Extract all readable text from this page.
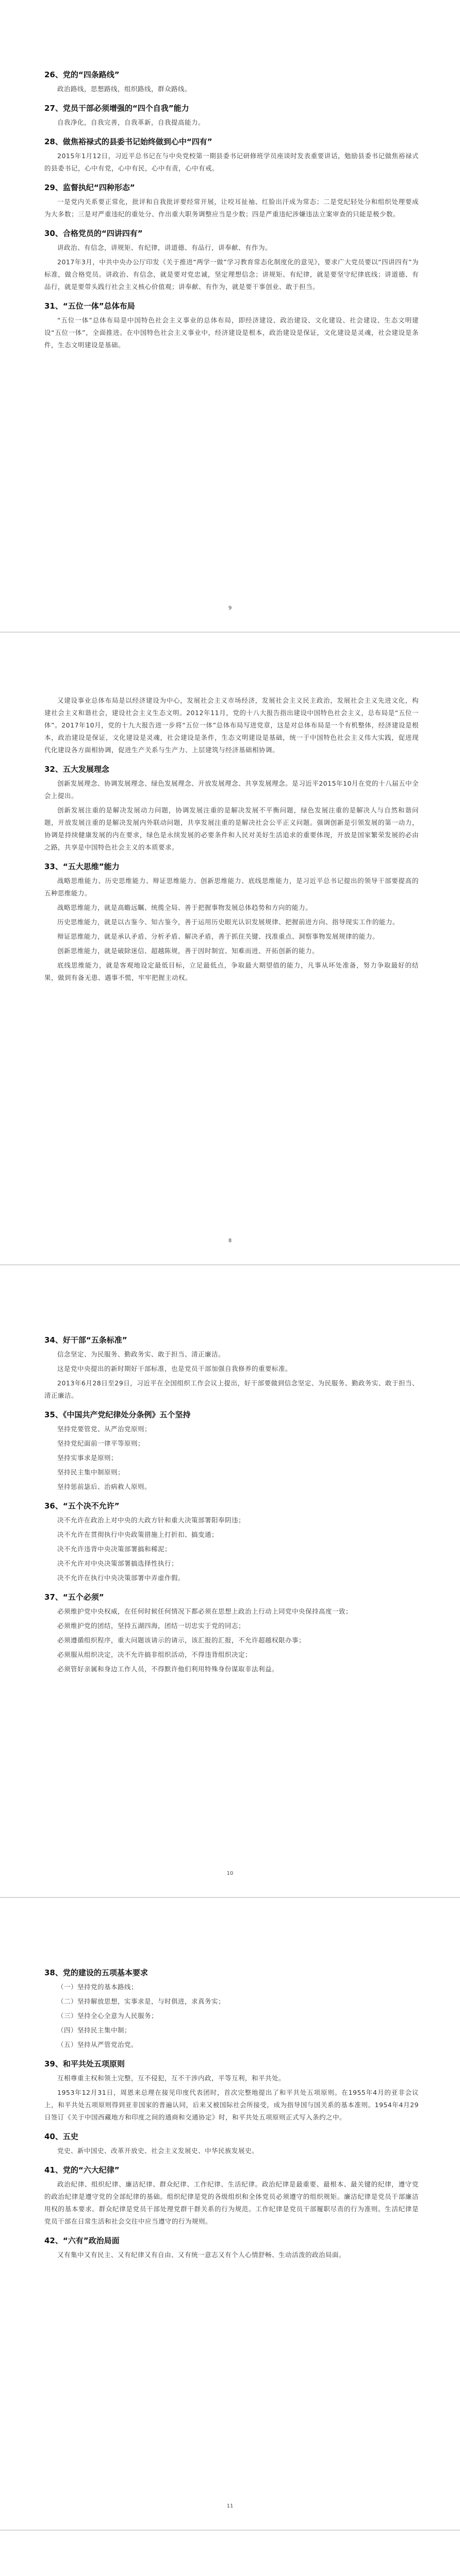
26、党的“四条路线”
政治路线，思想路线，组织路线，群众路线。
27、党员干部必须增强的“四个自我”能力
自我净化，自我完善，自我革新，自我提高能力。
28、做焦裕禄式的县委书记始终做到心中“四有”
2015年1月12日，习近平总书记在与中央党校第一期县委书记研修班学员座谈时发表重要讲话，勉励县委书记做焦裕禄式的县委书记，心中有党，心中有民，心中有责，心中有戒。
29、监督执纪“四种形态”
一是党内关系要正常化，批评和自我批评要经常开展，让咬耳扯袖、红脸出汗成为常态；二是党纪轻处分和组织处理要成为大多数；三是对严重违纪的重处分、作出重大职务调整应当是少数；四是严重违纪涉嫌违法立案审查的只能是极少数。
30、合格党员的“四讲四有”
讲政治、有信念，讲规矩、有纪律，讲道德、有品行，讲奉献、有作为。
2017年3月，中共中央办公厅印发《关于推进“两学一做”学习教育常态化制度化的意见》，要求广大党员要以“四讲四有”为标准，做合格党员。讲政治、有信念，就是要对党忠诚，坚定理想信念；讲规矩、有纪律，就是要坚守纪律底线；讲道德、有品行，就是要带头践行社会主义核心价值观；讲奉献、有作为，就是要干事创业、敢于担当。
31、“五位一体”总体布局
“五位一体”总体布局是中国特色社会主义事业的总体布局，即经济建设、政治建设、文化建设、社会建设、生态文明建设“五位一体”，全面推进。在中国特色社会主义事业中，经济建设是根本，政治建设是保证，文化建设是灵魂，社会建设是条件，生态文明建设是基础。
9
又建设事业总体布局是以经济建设为中心，发展社会主义市场经济，发展社会主义民主政治，发展社会主义先进文化，构建社会主义和谐社会，建设社会主义生态文明。2012年11月，党的十八大报告指出建设中国特色社会主义，总布局是“五位一体”。2017年10月，党的十九大报告进一步将“五位一体”总体布局写进党章，这是对总体布局是一个有机整体，经济建设是根本，政治建设是保证，文化建设是灵魂，社会建设是条件，生态文明建设是基础，统一于中国特色社会主义伟大实践，促进现代化建设各方面相协调，促进生产关系与生产力、上层建筑与经济基础相协调。
32、五大发展理念
创新发展理念、协调发展理念、绿色发展理念、开放发展理念、共享发展理念。是习近平2015年10月在党的十八届五中全会上提出。
创新发展注重的是解决发展动力问题，协调发展注重的是解决发展不平衡问题，绿色发展注重的是解决人与自然和谐问题，开放发展注重的是解决发展内外联动问题，共享发展注重的是解决社会公平正义问题。强调创新是引领发展的第一动力，协调是持续健康发展的内在要求，绿色是永续发展的必要条件和人民对美好生活追求的重要体现，开放是国家繁荣发展的必由之路，共享是中国特色社会主义的本质要求。
33、“五大思维”能力
战略思维能力、历史思维能力、辩证思维能力、创新思维能力、底线思维能力，是习近平总书记提出的领导干部要提高的五种思维能力。
战略思维能力，就是高瞻远瞩、统揽全局、善于把握事物发展总体趋势和方向的能力。
历史思维能力，就是以古鉴今、知古鉴今，善于运用历史眼光认识发展规律、把握前进方向、指导现实工作的能力。
辩证思维能力，就是承认矛盾、分析矛盾、解决矛盾，善于抓住关键、找准重点、洞察事物发展规律的能力。
创新思维能力，就是破除迷信、超越陈规，善于因时制宜、知难而进、开拓创新的能力。
底线思维能力，就是客观地设定最低目标，立足最低点，争取最大期望值的能力，凡事从坏处准备，努力争取最好的结果，做到有备无患、遇事不慌，牢牢把握主动权。
8
34、好干部“五条标准”
信念坚定、为民服务、勤政务实、敢于担当、清正廉洁。
这是党中央提出的新时期好干部标准，也是党员干部加强自我修养的重要标准。
2013年6月28日至29日，习近平在全国组织工作会议上提出，好干部要做到信念坚定、为民服务、勤政务实、敢于担当、清正廉洁。
35、《中国共产党纪律处分条例》五个坚持
坚持党要管党、从严治党原则；
坚持党纪面前一律平等原则；
坚持实事求是原则；
坚持民主集中制原则；
坚持惩前毖后、治病救人原则。
36、“五个决不允许”
决不允许在政治上对中央的大政方针和重大决策部署阳奉阴违；
决不允许在贯彻执行中央政策措施上打折扣、搞变通；
决不允许违背中央决策部署搞和稀泥；
决不允许对中央决策部署搞选择性执行；
决不允许在执行中央决策部署中弄虚作假。
37、“五个必须”
必须维护党中央权威，在任何时候任何情况下都必须在思想上政治上行动上同党中央保持高度一致；
必须维护党的团结，坚持五湖四海，团结一切忠实于党的同志；
必须遵循组织程序，重大问题该请示的请示，该汇报的汇报，不允许超越权限办事；
必须服从组织决定，决不允许搞非组织活动，不得违背组织决定；
必须管好亲属和身边工作人员，不得默许他们利用特殊身份谋取非法利益。
10
38、党的建设的五项基本要求
（一）坚持党的基本路线；
（二）坚持解放思想，实事求是，与时俱进，求真务实；
（三）坚持全心全意为人民服务；
（四）坚持民主集中制；
（五）坚持从严管党治党。
39、和平共处五项原则
互相尊重主权和领土完整，互不侵犯，互不干涉内政，平等互利，和平共处。
1953年12月31日，周恩来总理在接见印度代表团时，首次完整地提出了和平共处五项原则。在1955年4月的亚非会议上，和平共处五项原则得到亚非国家的普遍认同，后来又被国际社会所接受，成为指导国与国关系的基本准则。1954年4月29日签订《关于中国西藏地方和印度之间的通商和交通协定》时，和平共处五项原则正式写入条约之中。
40、五史
党史、新中国史、改革开放史、社会主义发展史、中华民族发展史。
41、党的“六大纪律”
政治纪律、组织纪律、廉洁纪律、群众纪律、工作纪律、生活纪律。政治纪律是最重要、最根本、最关键的纪律，遵守党的政治纪律是遵守党的全部纪律的基础。组织纪律是党的各级组织和全体党员必须遵守的组织规矩。廉洁纪律是党员干部廉洁用权的基本要求。群众纪律是党员干部处理党群干群关系的行为规范。工作纪律是党员干部履职尽责的行为准则。生活纪律是党员干部在日常生活和社会交往中应当遵守的行为规则。
42、“六有”政治局面
又有集中又有民主、又有纪律又有自由、又有统一意志又有个人心情舒畅、生动活泼的政治局面。
11
